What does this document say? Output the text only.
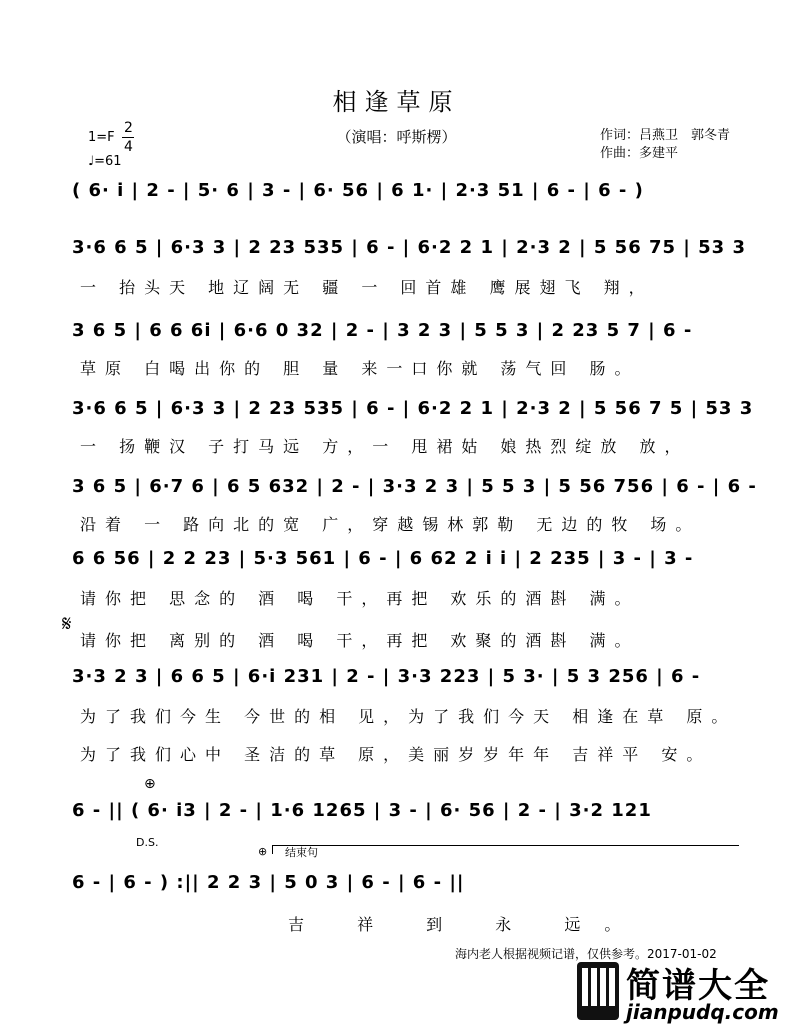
相逢草原
（演唱：呼斯楞）	作词：吕燕卫　郭冬青
作曲：多建平
1=F
2
4
♩=61
( 6· i | 2 - | 5· 6 | 3 - | 6· 56 | 6 1· | 2·3 51 | 6 - | 6 - )
3·6 6 5 | 6·3 3 | 2 23 535 | 6 - | 6·2 2 1 | 2·3 2 | 5 56 75 | 53 3
一 抬头天 地辽阔无 疆 一 回首雄 鹰展翅飞 翔，
3 6 5 | 6 6 6i | 6·6 0 32 | 2 - | 3 2 3 | 5 5 3 | 2 23 5 7 | 6 -
草原 白喝出你的 胆 量 来一口你就 荡气回 肠。
3·6 6 5 | 6·3 3 | 2 23 535 | 6 - | 6·2 2 1 | 2·3 2 | 5 56 7 5 | 53 3
一 扬鞭汉 子打马远 方，一 甩裙姑 娘热烈绽放 放，
3 6 5 | 6·7 6 | 6 5 632 | 2 - | 3·3 2 3 | 5 5 3 | 5 56 756 | 6 - | 6 -
沿着 一 路向北的宽 广，穿越锡林郭勒 无边的牧 场。
6 6 56 | 2 2 23 | 5·3 561 | 6 - | 6 62 2 i i | 2 235 | 3 - | 3 -
请你把 思念的 酒 喝 干，再把 欢乐的酒斟 满。
𝄋
请你把 离别的 酒 喝 干，再把 欢聚的酒斟 满。
3·3 2 3 | 6 6 5 | 6·i 231 | 2 - | 3·3 223 | 5 3· | 5 3 256 | 6 -
为了我们今生 今世的相 见，为了我们今天 相逢在草 原。
为了我们心中 圣洁的草 原，美丽岁岁年年 吉祥平 安。
⊕
6 - || ( 6· i3 | 2 - | 1·6 1265 | 3 - | 6· 56 | 2 - | 3·2 121
D.S.
⊕ 结束句
6 - | 6 - ) :|| 2 2 3 | 5 0 3 | 6 - | 6 - ||
吉 祥 到 永 远。
海内老人根据视频记谱，仅供参考。2017-01-02
简谱大全
jianpudq.com
